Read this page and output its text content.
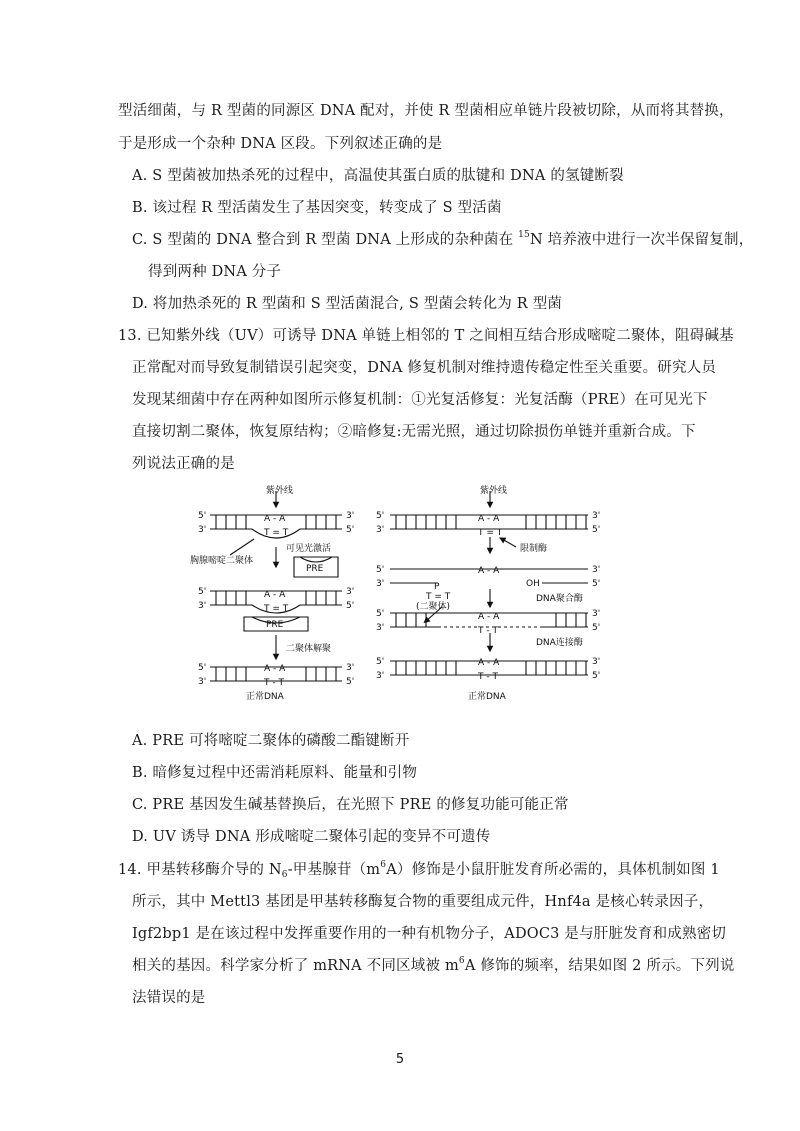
型活细菌，与 R 型菌的同源区 DNA 配对，并使 R 型菌相应单链片段被切除，从而将其替换，
于是形成一个杂种 DNA 区段。下列叙述正确的是
A. S 型菌被加热杀死的过程中，高温使其蛋白质的肽键和 DNA 的氢键断裂
B. 该过程 R 型活菌发生了基因突变，转变成了 S 型活菌
C. S 型菌的 DNA 整合到 R 型菌 DNA 上形成的杂种菌在 $^{15}$N 培养液中进行一次半保留复制，
得到两种 DNA 分子
D. 将加热杀死的 R 型菌和 S 型活菌混合, S 型菌会转化为 R 型菌
13. 已知紫外线（UV）可诱导 DNA 单链上相邻的 T 之间相互结合形成嘧啶二聚体，阻碍碱基
正常配对而导致复制错误引起突变，DNA 修复机制对维持遗传稳定性至关重要。研究人员
发现某细菌中存在两种如图所示修复机制：①光复活修复：光复活酶（PRE）在可见光下
直接切割二聚体，恢复原结构；②暗修复:无需光照，通过切除损伤单链并重新合成。下
列说法正确的是
紫外线
5'
3'
3'
5'
A - A
T = T
可见光激活
胸腺嘧啶二聚体
PRE
5'
3'
3'
5'
A - A
T = T
PRE
二聚体解聚
5'
3'
3'
5'
A - A
T - T
正常DNA
紫外线
5'
3'
3'
5'
A - A
T = T
限制酶
5'
3'
3'
5'
A - A
OH
P
T = T
(二聚体)
DNA聚合酶
5'
3'
3'
5'
A - A
T - T
DNA连接酶
5'
3'
3'
5'
A - A
T - T
正常DNA
A. PRE 可将嘧啶二聚体的磷酸二酯键断开
B. 暗修复过程中还需消耗原料、能量和引物
C. PRE 基因发生碱基替换后，在光照下 PRE 的修复功能可能正常
D. UV 诱导 DNA 形成嘧啶二聚体引起的变异不可遗传
14. 甲基转移酶介导的 N6-甲基腺苷$(m^6A)$修饰是小鼠肝脏发育所必需的，具体机制如图 1
所示，其中 Mettl3 基团是甲基转移酶复合物的重要组成元件，Hnf4a 是核心转录因子，
Igf2bp1 是在该过程中发挥重要作用的一种有机物分子，ADOC3 是与肝脏发育和成熟密切
相关的基因。科学家分析了 mRNA 不同区域被 $m^6A$ 修饰的频率，结果如图 2 所示。下列说
法错误的是
5
